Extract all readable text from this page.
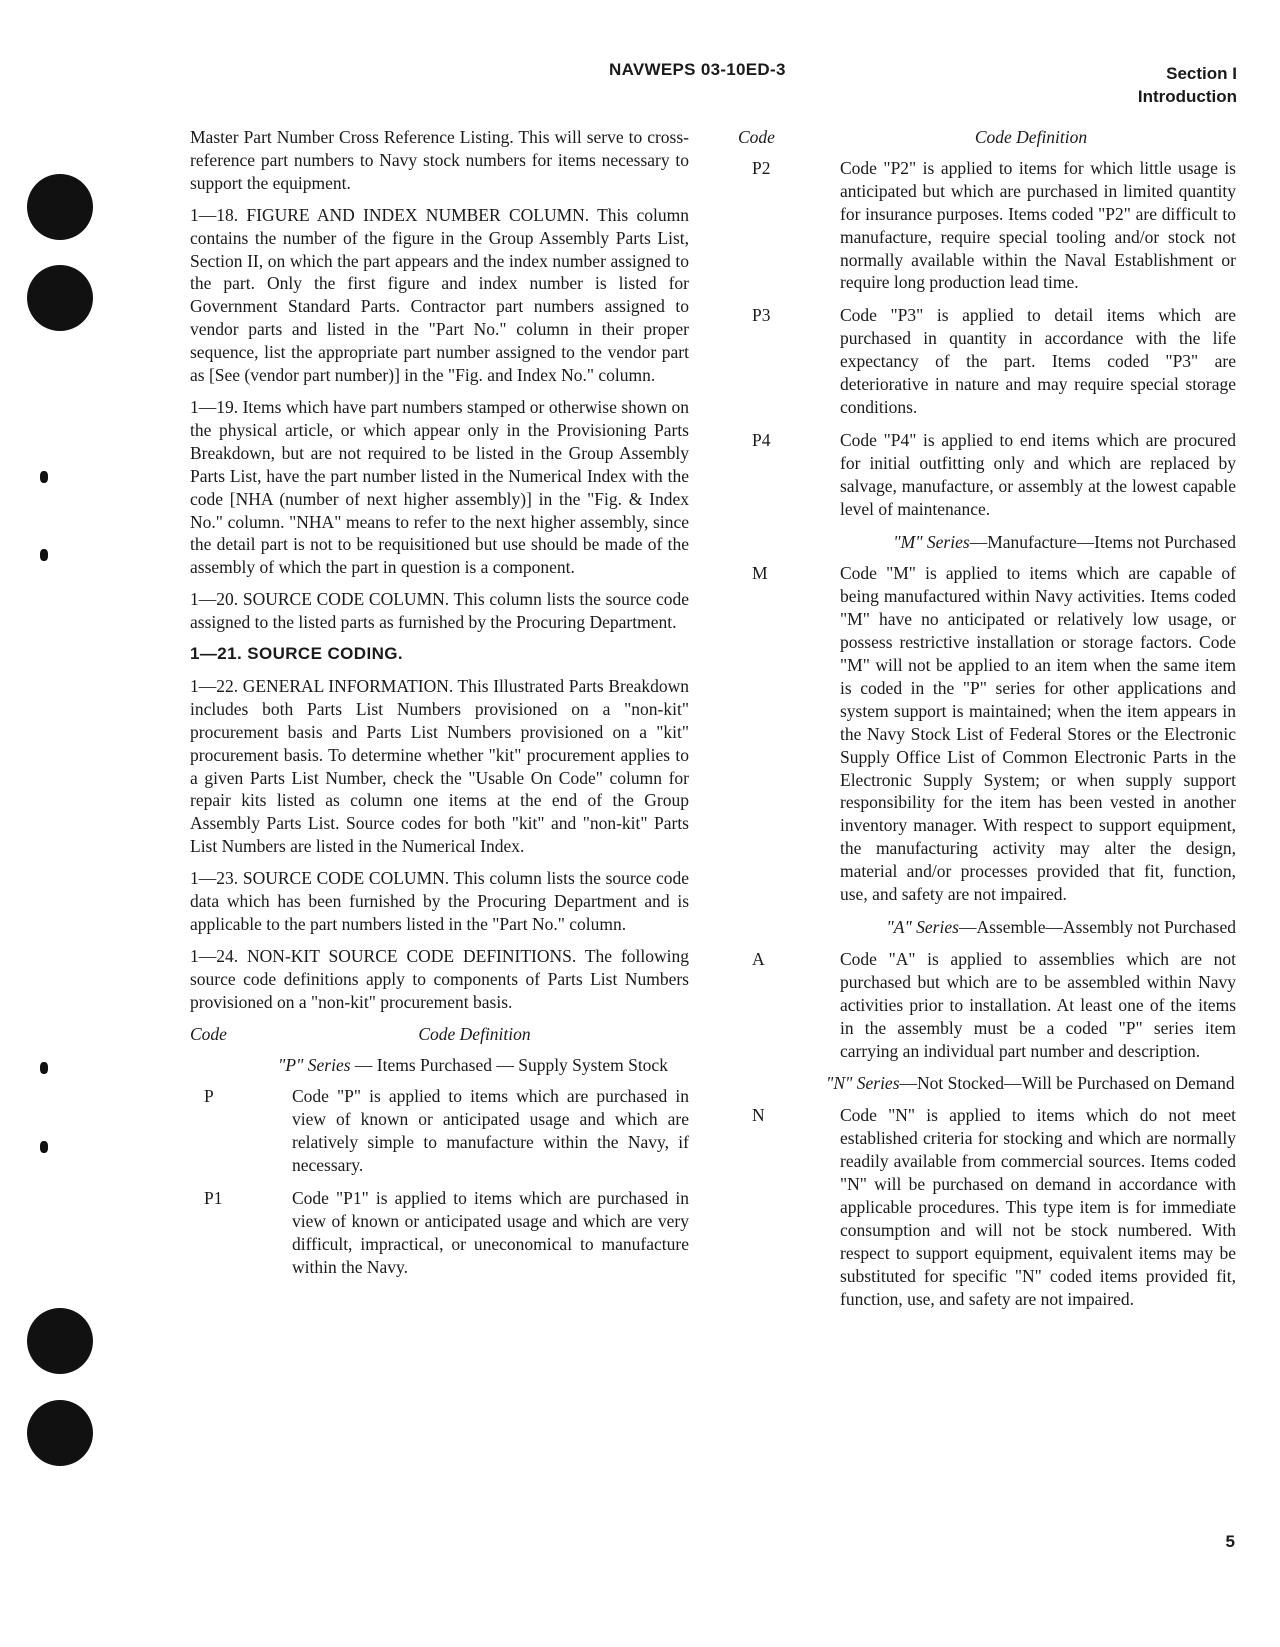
NAVWEPS 03-10ED-3	Section I
Introduction

Master Part Number Cross Reference Listing. This will serve to cross-reference part numbers to Navy stock numbers for items necessary to support the equipment.

1—18. FIGURE AND INDEX NUMBER COLUMN. This column contains the number of the figure in the Group Assembly Parts List, Section II, on which the part appears and the index number assigned to the part. Only the first figure and index number is listed for Government Standard Parts. Contractor part numbers assigned to vendor parts and listed in the "Part No." column in their proper sequence, list the appropriate part number assigned to the vendor part as [See (vendor part number)] in the "Fig. and Index No." column.

1—19. Items which have part numbers stamped or otherwise shown on the physical article, or which appear only in the Provisioning Parts Breakdown, but are not required to be listed in the Group Assembly Parts List, have the part number listed in the Numerical Index with the code [NHA (number of next higher assembly)] in the "Fig. & Index No." column. "NHA" means to refer to the next higher assembly, since the detail part is not to be requisitioned but use should be made of the assembly of which the part in question is a component.

1—20. SOURCE CODE COLUMN. This column lists the source code assigned to the listed parts as furnished by the Procuring Department.

1—21. SOURCE CODING.

1—22. GENERAL INFORMATION. This Illustrated Parts Breakdown includes both Parts List Numbers provisioned on a "non-kit" procurement basis and Parts List Numbers provisioned on a "kit" procurement basis. To determine whether "kit" procurement applies to a given Parts List Number, check the "Usable On Code" column for repair kits listed as column one items at the end of the Group Assembly Parts List. Source codes for both "kit" and "non-kit" Parts List Numbers are listed in the Numerical Index.

1—23. SOURCE CODE COLUMN. This column lists the source code data which has been furnished by the Procuring Department and is applicable to the part numbers listed in the "Part No." column.

1—24. NON-KIT SOURCE CODE DEFINITIONS. The following source code definitions apply to components of Parts List Numbers provisioned on a "non-kit" procurement basis.

Code	Code Definition
"P" Series — Items Purchased — Supply System Stock
P	Code "P" is applied to items which are purchased in view of known or anticipated usage and which are relatively simple to manufacture within the Navy, if necessary.
P1	Code "P1" is applied to items which are purchased in view of known or anticipated usage and which are very difficult, impractical, or uneconomical to manufacture within the Navy.
Code	Code Definition
P2	Code "P2" is applied to items for which little usage is anticipated but which are purchased in limited quantity for insurance purposes. Items coded "P2" are difficult to manufacture, require special tooling and/or stock not normally available within the Naval Establishment or require long production lead time.
P3	Code "P3" is applied to detail items which are purchased in quantity in accordance with the life expectancy of the part. Items coded "P3" are deteriorative in nature and may require special storage conditions.
P4	Code "P4" is applied to end items which are procured for initial outfitting only and which are replaced by salvage, manufacture, or assembly at the lowest capable level of maintenance.
"M" Series—Manufacture—Items not Purchased
M	Code "M" is applied to items which are capable of being manufactured within Navy activities. Items coded "M" have no anticipated or relatively low usage, or possess restrictive installation or storage factors. Code "M" will not be applied to an item when the same item is coded in the "P" series for other applications and system support is maintained; when the item appears in the Navy Stock List of Federal Stores or the Electronic Supply Office List of Common Electronic Parts in the Electronic Supply System; or when supply support responsibility for the item has been vested in another inventory manager. With respect to support equipment, the manufacturing activity may alter the design, material and/or processes provided that fit, function, use, and safety are not impaired.
"A" Series—Assemble—Assembly not Purchased
A	Code "A" is applied to assemblies which are not purchased but which are to be assembled within Navy activities prior to installation. At least one of the items in the assembly must be a coded "P" series item carrying an individual part number and description.
"N" Series—Not Stocked—Will be Purchased on Demand
N	Code "N" is applied to items which do not meet established criteria for stocking and which are normally readily available from commercial sources. Items coded "N" will be purchased on demand in accordance with applicable procedures. This type item is for immediate consumption and will not be stock numbered. With respect to support equipment, equivalent items may be substituted for specific "N" coded items provided fit, function, use, and safety are not impaired.
5
